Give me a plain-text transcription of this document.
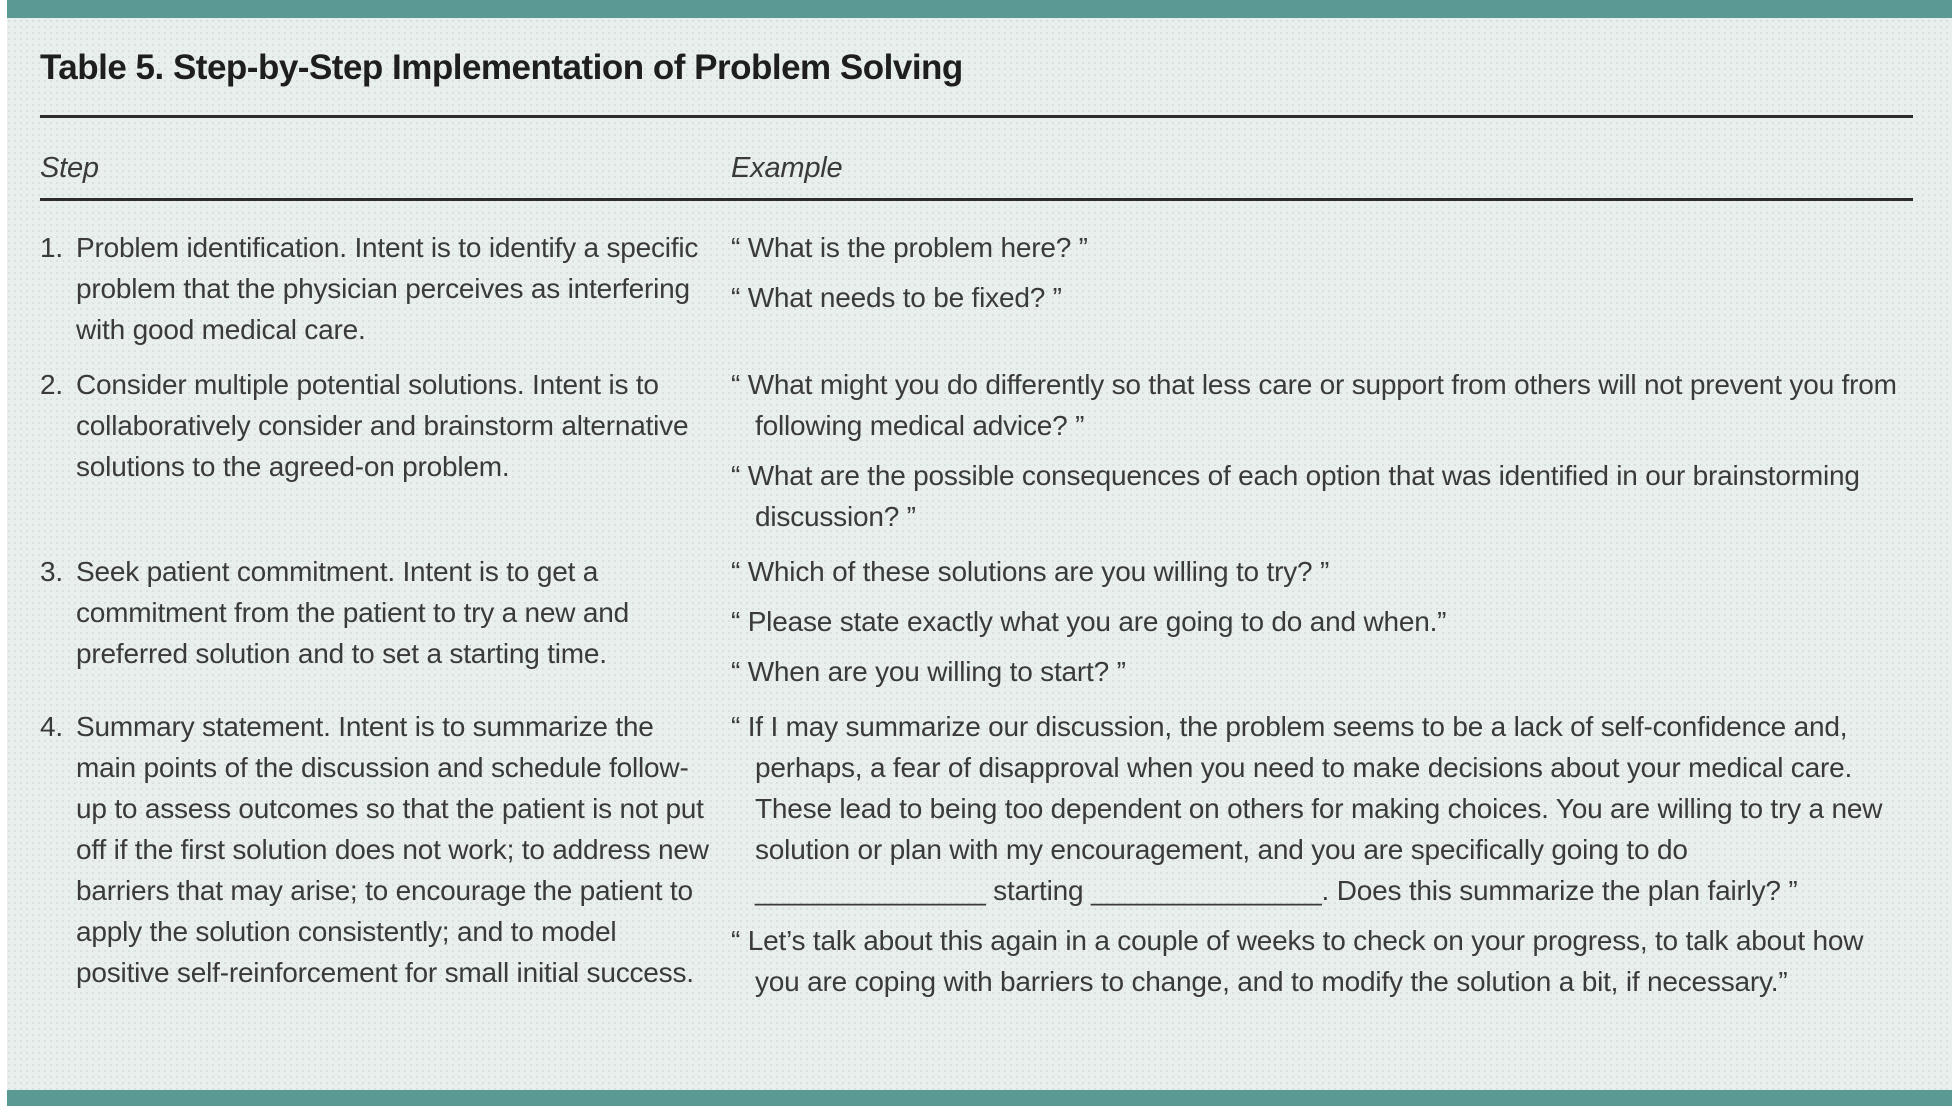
Table 5. Step-by-Step Implementation of Problem Solving
Step	Example
1. Problem identification. Intent is to identify a specific problem that the physician perceives as interfering with good medical care.

“ What is the problem here? ”

“ What needs to be fixed? ”

2. Consider multiple potential solutions. Intent is to collaboratively consider and brainstorm alternative solutions to the agreed-on problem.

“ What might you do differently so that less care or support from others will not prevent you from following medical advice? ”

“ What are the possible consequences of each option that was identified in our brainstorming discussion? ”

3. Seek patient commitment. Intent is to get a commitment from the patient to try a new and preferred solution and to set a starting time.

“ Which of these solutions are you willing to try? ”

“ Please state exactly what you are going to do and when.”

“ When are you willing to start? ”

4. Summary statement. Intent is to summarize the main points of the discussion and schedule follow-up to assess outcomes so that the patient is not put off if the first solution does not work; to address new barriers that may arise; to encourage the patient to apply the solution consistently; and to model positive self-reinforcement for small initial success.

“ If I may summarize our discussion, the problem seems to be a lack of self-confidence and, perhaps, a fear of disapproval when you need to make decisions about your medical care. These lead to being too dependent on others for making choices. You are willing to try a new solution or plan with my encouragement, and you are specifically going to do _______________ starting _______________. Does this summarize the plan fairly? ”

“ Let’s talk about this again in a couple of weeks to check on your progress, to talk about how you are coping with barriers to change, and to modify the solution a bit, if necessary.”
